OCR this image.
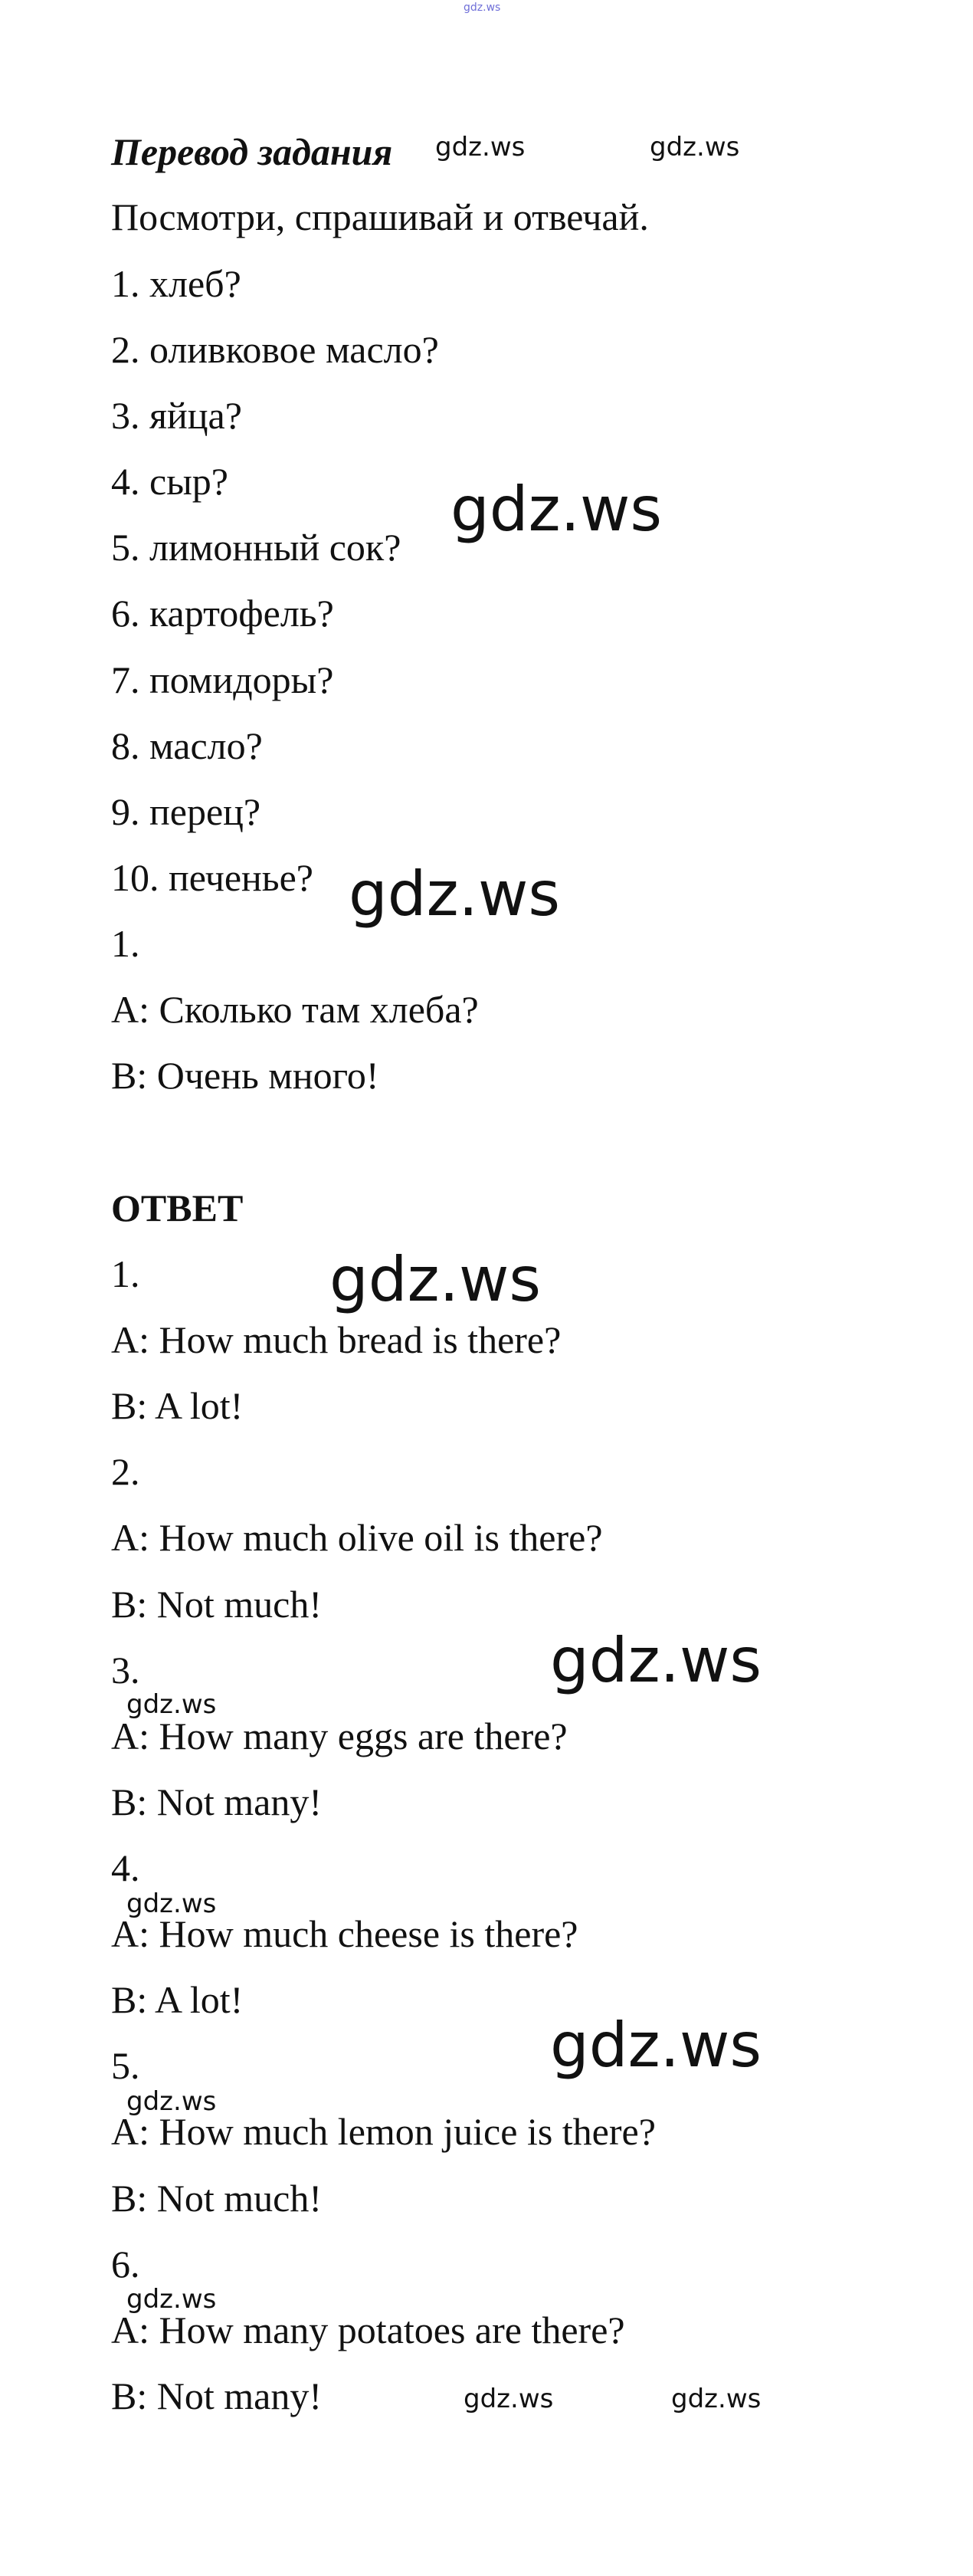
gdz.ws
Перевод задания
Посмотри, спрашивай и отвечай.
1. хлеб?
2. оливковое масло?
3. яйца?
4. сыр?
5. лимонный сок?
6. картофель?
7. помидоры?
8. масло?
9. перец?
10. печенье?
1.
A: Сколько там хлеба?
B: Очень много!
ОТВЕТ
1.
A: How much bread is there?
B: A lot!
2.
A: How much olive oil is there?
B: Not much!
3.
A: How many eggs are there?
B: Not many!
4.
A: How much cheese is there?
B: A lot!
5.
A: How much lemon juice is there?
B: Not much!
6.
A: How many potatoes are there?
B: Not many!
gdz.ws	gdz.ws
gdz.ws
gdz.ws
gdz.ws
gdz.ws
gdz.ws
gdz.ws
gdz.ws
gdz.ws
gdz.ws
gdz.ws	gdz.ws
